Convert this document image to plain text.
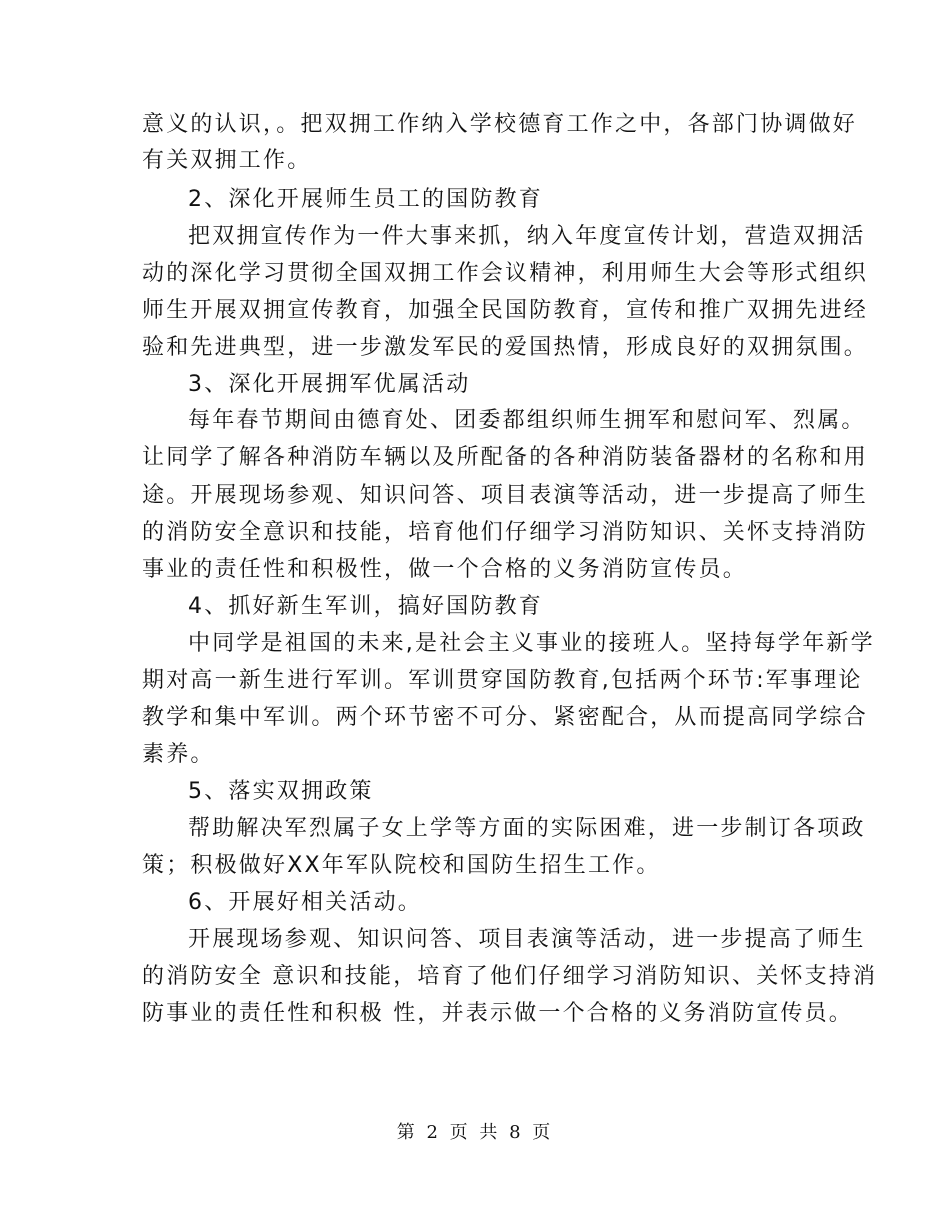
意义的认识，。把双拥工作纳入学校德育工作之中，各部门协调做好
有关双拥工作。
2、深化开展师生员工的国防教育
把双拥宣传作为一件大事来抓，纳入年度宣传计划，营造双拥活
动的深化学习贯彻全国双拥工作会议精神，利用师生大会等形式组织
师生开展双拥宣传教育，加强全民国防教育，宣传和推广双拥先进经
验和先进典型，进一步激发军民的爱国热情，形成良好的双拥氛围。
3、深化开展拥军优属活动
每年春节期间由德育处、团委都组织师生拥军和慰问军、烈属。
让同学了解各种消防车辆以及所配备的各种消防装备器材的名称和用
途。开展现场参观、知识问答、项目表演等活动，进一步提高了师生
的消防安全意识和技能，培育他们仔细学习消防知识、关怀支持消防
事业的责任性和积极性，做一个合格的义务消防宣传员。
4、抓好新生军训，搞好国防教育
中同学是祖国的未来,是社会主义事业的接班人。坚持每学年新学
期对高一新生进行军训。军训贯穿国防教育,包括两个环节:军事理论
教学和集中军训。两个环节密不可分、紧密配合，从而提高同学综合
素养。
5、落实双拥政策
帮助解决军烈属子女上学等方面的实际困难，进一步制订各项政
策；积极做好XX年军队院校和国防生招生工作。
6、开展好相关活动。
开展现场参观、知识问答、项目表演等活动，进一步提高了师生
的消防安全 意识和技能，培育了他们仔细学习消防知识、关怀支持消
防事业的责任性和积极 性，并表示做一个合格的义务消防宣传员。
第 2 页 共 8 页
